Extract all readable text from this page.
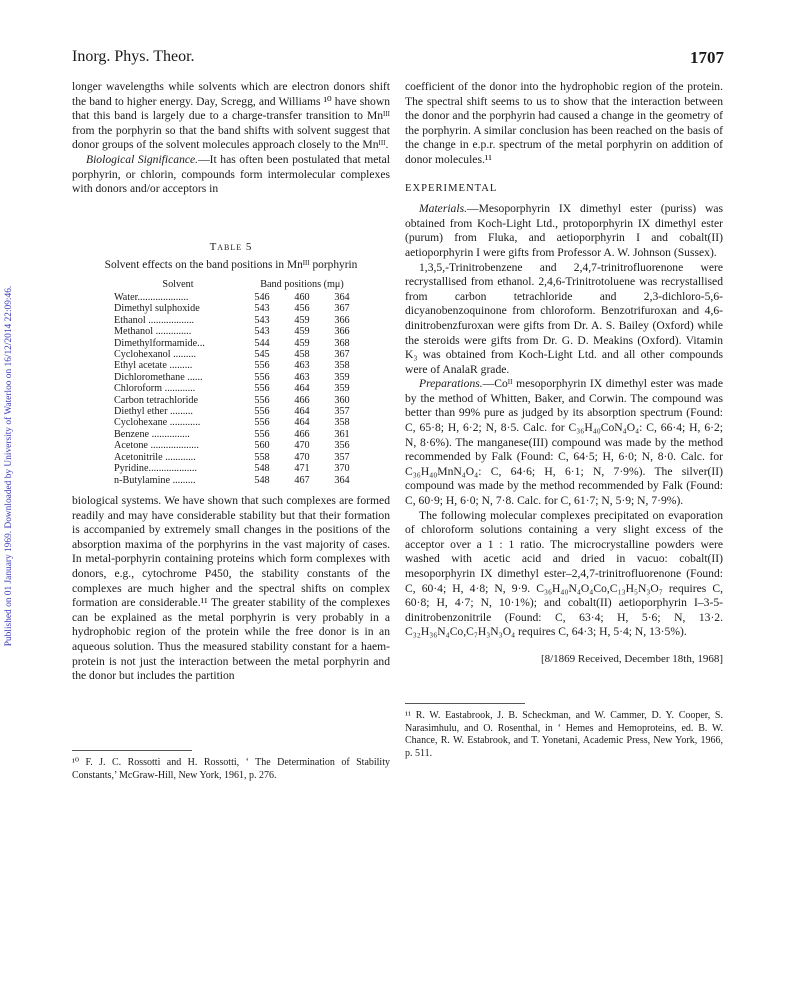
Inorg. Phys. Theor.	1707
Published on 01 January 1969. Downloaded by University of Waterloo on 16/12/2014 22:09:46.

longer wavelengths while solvents which are electron donors shift the band to higher energy. Day, Scregg, and Williams ¹⁰ have shown that this band is largely due to a charge-transfer transition to Mnᴵᴵᴵ from the porphyrin so that the band shifts with solvent suggest that donor groups of the solvent molecules approach closely to the Mnᴵᴵᴵ.

Biological Significance.—It has often been postulated that metal porphyrin, or chlorin, compounds form intermolecular complexes with donors and/or acceptors in

Table 5
Solvent effects on the band positions in Mnᴵᴵᴵ porphyrin
Solvent	Band positions (mμ)		
Water....................	546	460	364
Dimethyl sulphoxide	543	456	367
Ethanol ..................	543	459	366
Methanol ..............	543	459	366
Dimethylformamide...	544	459	368
Cyclohexanol .........	545	458	367
Ethyl acetate .........	556	463	358
Dichloromethane ......	556	463	359
Chloroform ............	556	464	359
Carbon tetrachloride	556	466	360
Diethyl ether .........	556	464	357
Cyclohexane ............	556	464	358
Benzene ...............	556	466	361
Acetone ...................	560	470	356
Acetonitrile ............	558	470	357
Pyridine...................	548	471	370
n-Butylamine .........	548	467	364

biological systems. We have shown that such complexes are formed readily and may have considerable stability but that their formation is accompanied by extremely small changes in the positions of the absorption maxima of the porphyrins in the vast majority of cases. In metal-porphyrin containing proteins which form complexes with donors, e.g., cytochrome P450, the stability constants of the complexes are much higher and the spectral shifts on complex formation are considerable.¹¹ The greater stability of the complexes can be explained as the metal porphyrin is very probably in a hydrophobic region of the protein while the free donor is in an aqueous solution. Thus the measured stability constant for a haem-protein is not just the interaction between the metal porphyrin and the donor but includes the partition

¹⁰ F. J. C. Rossotti and H. Rossotti, ‘ The Determination of Stability Constants,’ McGraw-Hill, New York, 1961, p. 276.

coefficient of the donor into the hydrophobic region of the protein. The spectral shift seems to us to show that the interaction between the donor and the porphyrin had caused a change in the geometry of the porphyrin. A similar conclusion has been reached on the basis of the change in e.p.r. spectrum of the metal porphyrin on addition of donor molecules.¹¹

EXPERIMENTAL

Materials.—Mesoporphyrin IX dimethyl ester (puriss) was obtained from Koch-Light Ltd., protoporphyrin IX dimethyl ester (purum) from Fluka, and aetioporphyrin I and cobalt(II) aetioporphyrin I were gifts from Professor A. W. Johnson (Sussex).

1,3,5,-Trinitrobenzene and 2,4,7-trinitrofluorenone were recrystallised from ethanol. 2,4,6-Trinitrotoluene was recrystallised from carbon tetrachloride and 2,3-dichloro-5,6-dicyanobenzoquinone from chloroform. Benzotrifuroxan and 4,6-dinitrobenzfuroxan were gifts from Dr. A. S. Bailey (Oxford) while the steroids were gifts from Dr. G. D. Meakins (Oxford). Vitamin K₃ was obtained from Koch-Light Ltd. and all other compounds were of AnalaR grade.

Preparations.—Coᴵᴵ mesoporphyrin IX dimethyl ester was made by the method of Whitten, Baker, and Corwin. The compound was better than 99% pure as judged by its absorption spectrum (Found: C, 65·8; H, 6·2; N, 8·5. Calc. for C₃₆H₄₀CoN₄O₄: C, 66·4; H, 6·2; N, 8·6%). The manganese(III) compound was made by the method recommended by Falk (Found: C, 64·5; H, 6·0; N, 8·0. Calc. for C₃₆H₄₀MnN₄O₄: C, 64·6; H, 6·1; N, 7·9%). The silver(II) compound was made by the method recommended by Falk (Found: C, 60·9; H, 6·0; N, 7·8. Calc. for C, 61·7; N, 5·9; N, 7·9%).

The following molecular complexes precipitated on evaporation of chloroform solutions containing a very slight excess of the acceptor over a 1 : 1 ratio. The microcrystalline powders were washed with acetic acid and dried in vacuo: cobalt(II) mesoporphyrin IX dimethyl ester–2,4,7-trinitrofluorenone (Found: C, 60·4; H, 4·8; N, 9·9. C₃₆H₄₀N₄O₄Co,C₁₃H₅N₃O₇ requires C, 60·8; H, 4·7; N, 10·1%); and cobalt(II) aetioporphyrin I–3-5-dinitrobenzonitrile (Found: C, 63·4; H, 5·6; N, 13·2. C₃₂H₃₆N₄Co,C₇H₃N₃O₄ requires C, 64·3; H, 5·4; N, 13·5%).

[8/1869 Received, December 18th, 1968]
¹¹ R. W. Eastabrook, J. B. Scheckman, and W. Cammer, D. Y. Cooper, S. Narasimhulu, and O. Rosenthal, in ‘ Hemes and Hemoproteins, ed. B. W. Chance, R. W. Estabrook, and T. Yonetani, Academic Press, New York, 1966, p. 511.
